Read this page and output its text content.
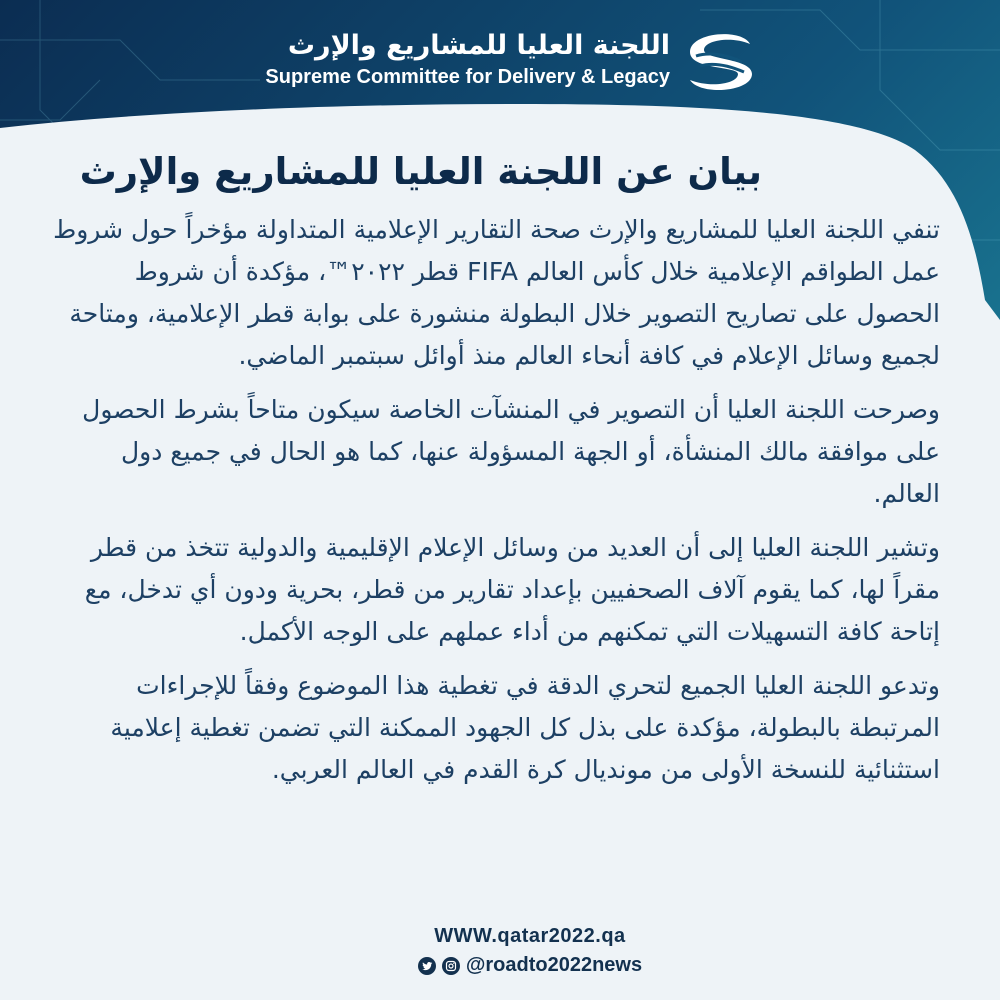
اللجنة العليا للمشاريع والإرث
Supreme Committee for Delivery & Legacy
بيان عن اللجنة العليا للمشاريع والإرث

تنفي اللجنة العليا للمشاريع والإرث صحة التقارير الإعلامية المتداولة مؤخراً حول شروط عمل الطواقم الإعلامية خلال كأس العالم FIFA قطر ٢٠٢٢™، مؤكدة أن شروط الحصول على تصاريح التصوير خلال البطولة منشورة على بوابة قطر الإعلامية، ومتاحة لجميع وسائل الإعلام في كافة أنحاء العالم منذ أوائل سبتمبر الماضي.

وصرحت اللجنة العليا أن التصوير في المنشآت الخاصة سيكون متاحاً بشرط الحصول على موافقة مالك المنشأة، أو الجهة المسؤولة عنها، كما هو الحال في جميع دول العالم.

وتشير اللجنة العليا إلى أن العديد من وسائل الإعلام الإقليمية والدولية تتخذ من قطر مقراً لها، كما يقوم آلاف الصحفيين بإعداد تقارير من قطر، بحرية ودون أي تدخل، مع إتاحة كافة التسهيلات التي تمكنهم من أداء عملهم على الوجه الأكمل.

وتدعو اللجنة العليا الجميع لتحري الدقة في تغطية هذا الموضوع وفقاً للإجراءات المرتبطة بالبطولة، مؤكدة على بذل كل الجهود الممكنة التي تضمن تغطية إعلامية استثنائية للنسخة الأولى من مونديال كرة القدم في العالم العربي.

WWW.qatar2022.qa
@roadto2022news
